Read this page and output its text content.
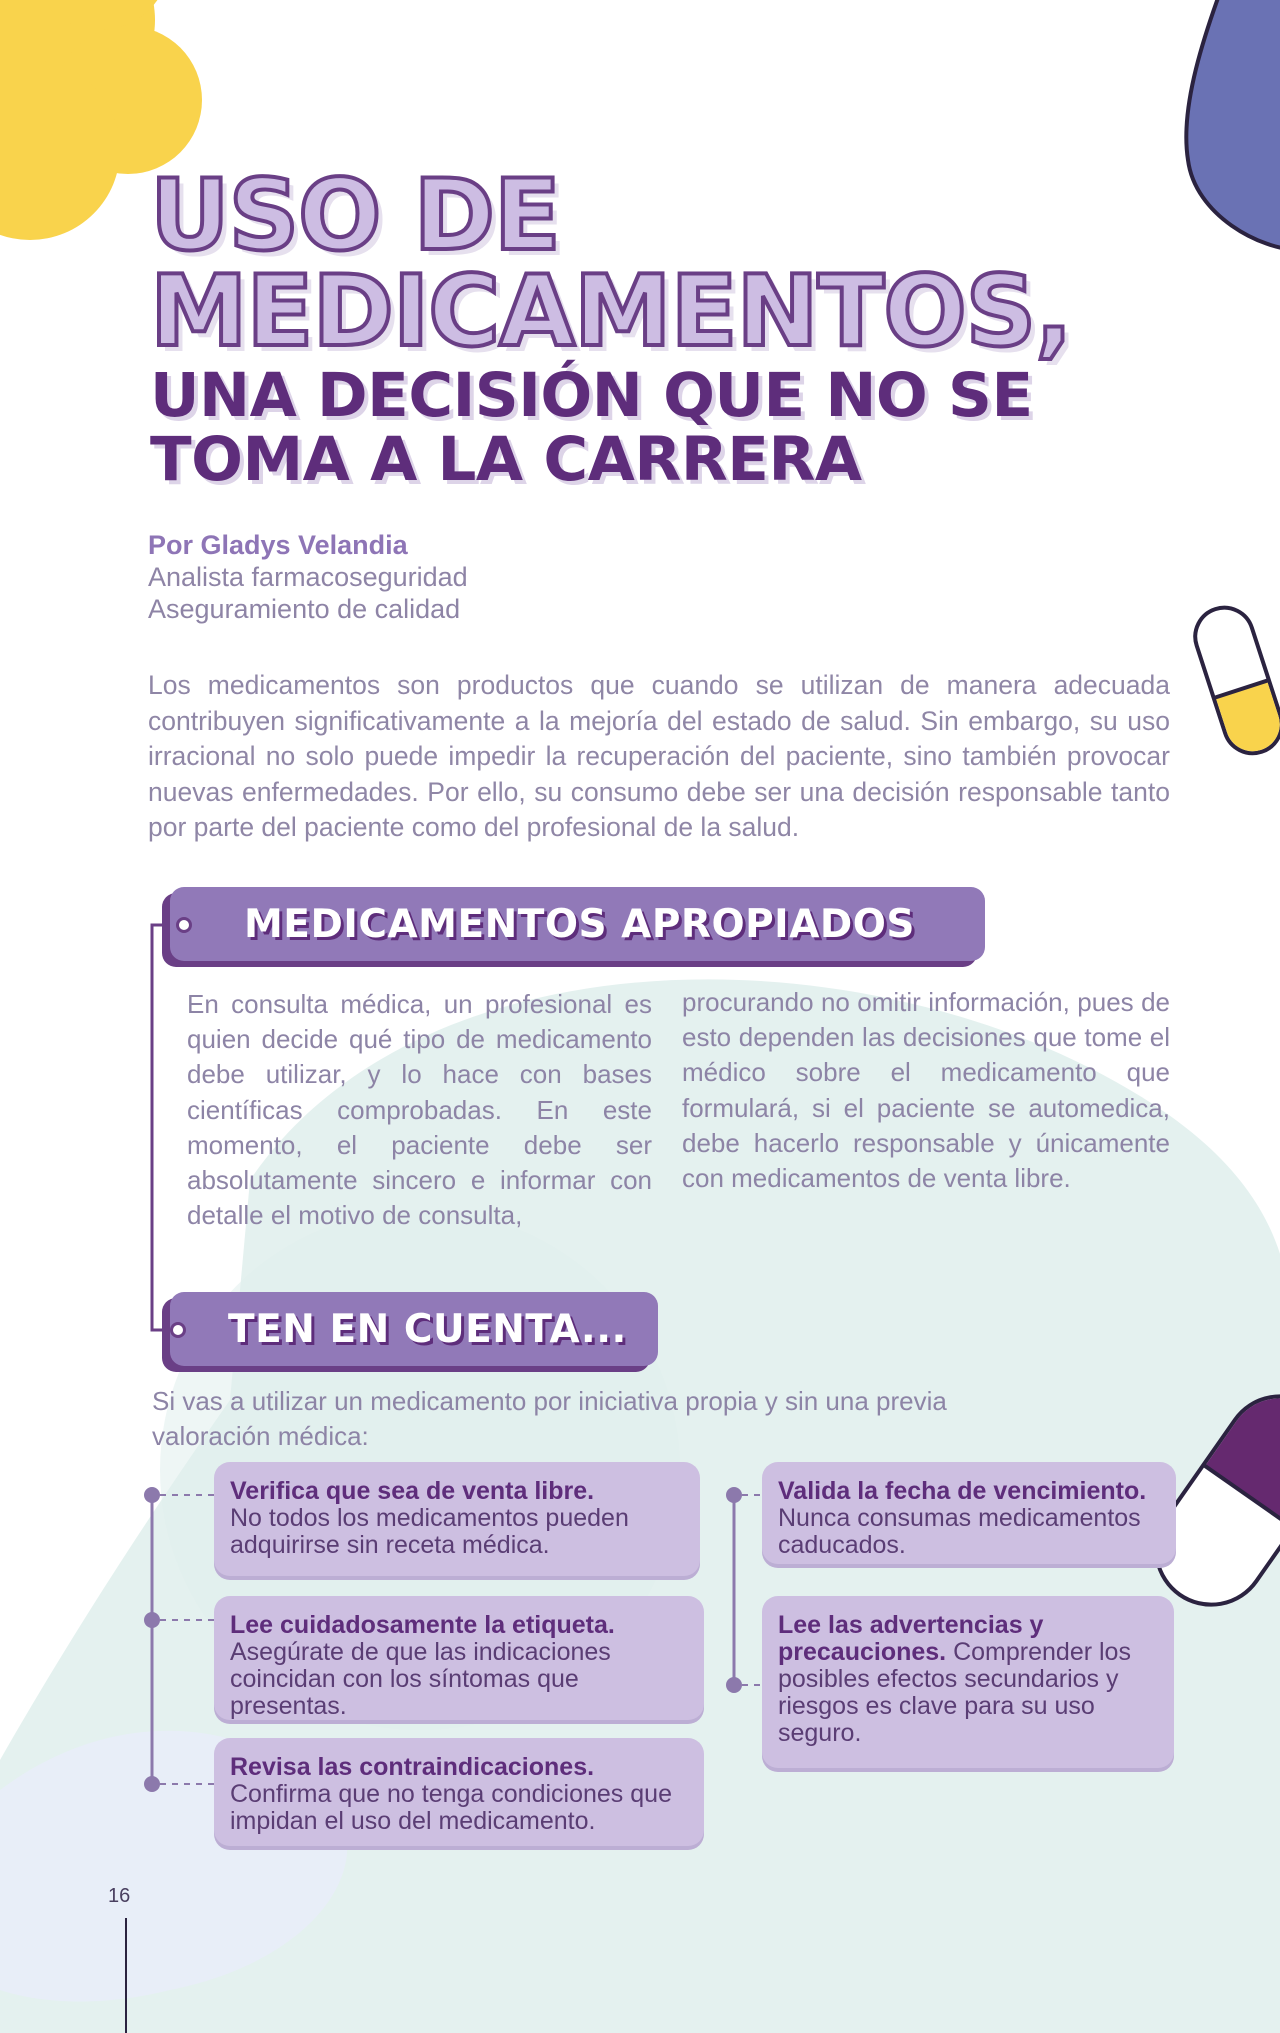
USO DE
MEDICAMENTOS,
UNA DECISIÓN QUE NO SE
TOMA A LA CARRERA
Por Gladys Velandia
Analista farmacoseguridad
Aseguramiento de calidad

Los medicamentos son productos que cuando se utilizan de manera adecuada contribuyen significativamente a la mejoría del estado de salud. Sin embargo, su uso irracional no solo puede impedir la recuperación del paciente, sino también provocar nuevas enfermedades. Por ello, su consumo debe ser una decisión responsable tanto por parte del paciente como del profesional de la salud.

MEDICAMENTOS APROPIADOS

En consulta médica, un profesional es quien decide qué tipo de medicamento debe utilizar, y lo hace con bases científicas comprobadas. En este momento, el paciente debe ser absolutamente sincero e informar con detalle el motivo de consulta,

procurando no omitir información, pues de esto dependen las decisiones que tome el médico sobre el medicamento que formulará, si el paciente se automedica, debe hacerlo responsable y únicamente con medicamentos de venta libre.

TEN EN CUENTA...

Si vas a utilizar un medicamento por iniciativa propia y sin una previa valoración médica:

Verifica que sea de venta libre.
No todos los medicamentos pueden adquirirse sin receta médica.
Lee cuidadosamente la etiqueta.
Asegúrate de que las indicaciones coincidan con los síntomas que presentas.
Revisa las contraindicaciones.
Confirma que no tenga condiciones que impidan el uso del medicamento.
Valida la fecha de vencimiento. Nunca consumas medicamentos caducados.
Lee las advertencias y precauciones. Comprender los posibles efectos secundarios y riesgos es clave para su uso seguro.
16
